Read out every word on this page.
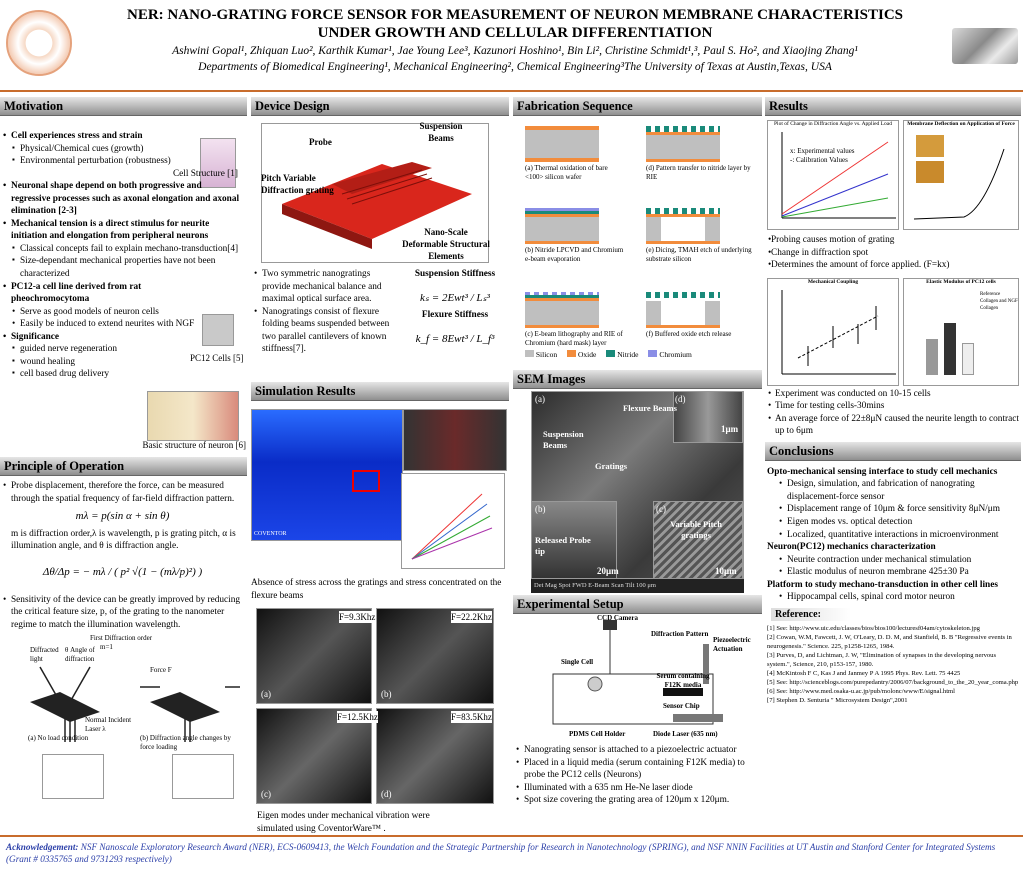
NER: NANO-GRATING FORCE SENSOR FOR MEASUREMENT OF NEURON MEMBRANE CHARACTERISTICS
UNDER GROWTH AND CELLULAR DIFFERENTIATION
Ashwini Gopal¹, Zhiquan Luo², Karthik Kumar¹, Jae Young Lee³, Kazunori Hoshino¹, Bin Li², Christine Schmidt¹,³, Paul S. Ho², and Xiaojing Zhang¹
Departments of Biomedical Engineering¹, Mechanical Engineering², Chemical Engineering³The University of Texas at Austin,Texas, USA
Motivation
• Cell experiences stress and strain
▪ Physical/Chemical cues (growth)
▪ Environmental perturbation (robustness)
Cell Structure [1]
• Neuronal shape depend on both progressive and regressive processes such as axonal elongation and axonal elimination [2-3]
• Mechanical tension is a direct stimulus for neurite initiation and elongation from peripheral neurons
▪ Classical concepts fail to explain mechano-transduction[4]
▪ Size-dependant mechanical properties have not been characterized
• PC12-a cell line derived from rat pheochromocytoma
• Serve as good models of neuron cells
• Easily be induced to extend neurites with NGF
• Significance
▪ guided nerve regeneration
▪ wound healing
▪ cell based drug delivery
PC12 Cells [5]
Basic structure of neuron [6]
Principle of Operation
• Probe displacement, therefore the force, can be measured through the spatial frequency of far-field diffraction pattern.
mλ = p(sin α + sin θ)
m is diffraction order,λ is wavelength, p is grating pitch, α is illumination angle, and θ is diffraction angle.
Δθ/Δp = − mλ / ( p² √(1 − (mλ/p)²) )
• Sensitivity of the device can be greatly improved by reducing the critical feature size, p, of the grating to the nanometer regime to match the illumination wavelength.
First Diffraction order
m=1
Diffracted light
θ Angle of diffraction
Force F
Normal Incident Laser λ
(a) No load condition	(b) Diffraction angle changes by force loading
Device Design
Probe
Suspension Beams
Pitch Variable Diffraction grating
Nano-Scale Deformable Structural Elements
• Two symmetric nanogratings provide mechanical balance and maximal optical surface area.
• Nanogratings consist of flexure folding beams suspended between two parallel cantilevers of known stiffness[7].
Suspension Stiffness
kₛ = 2Ewt³ / Lₛ³
Flexure Stiffness
k_f = 8Ewt³ / L_f³
Simulation Results
COVENTOR
Absence of stress across the gratings and stress concentrated on the flexure beams
F=9.3Khz	F=22.2Khz
F=12.5Khz	F=83.5Khz
(a)	(b)
(c)	(d)
Eigen modes under mechanical vibration were simulated using CoventorWare™ .
Fabrication Sequence
(a) Thermal oxidation of bare <100> silicon wafer
(b) Nitride LPCVD and Chromium e-beam evaporation
(c) E-beam lithography and RIE of Chromium (hard mask) layer
(d) Pattern transfer to nitride layer by RIE
(e) Dicing, TMAH etch of underlying substrate silicon
(f) Buffered oxide etch release
Silicon	Oxide	Nitride	Chromium
SEM Images
(a)	(d)
(b)	(c)
Flexure Beams
Suspension Beams
Gratings
Released Probe tip
Variable Pitch gratings
1μm
20μm	10μm
Det Mag Spot FWD E-Beam Scan Tilt 100 μm
Experimental Setup
CCD Camera
Diffraction Pattern
Piezoelectric Actuation
Single Cell
Serum containing F12K media
Sensor Chip
PDMS Cell Holder	Diode Laser (635 nm)
• Nanograting sensor is attached to a piezoelectric actuator
• Placed in a liquid media (serum containing F12K media) to probe the PC12 cells (Neurons)
• Illuminated with a 635 nm He-Ne laser diode
• Spot size covering the grating area of 120μm x 120μm.
Results
Plot of Change in Diffraction Angle vs. Applied Load
x: Experimental values
-: Calibration Values
Membrane Deflection on Application of Force
• Probing causes motion of grating
• Change in diffraction spot
• Determines the amount of force applied. (F=kx)
Mechanical Coupling	Elastic Modulus of PC12 cells
Reference
Collagen and NGF
Collagen
• Experiment was conducted on 10-15 cells
• Time for testing cells-30mins
• An average force of 22±8μN caused the neurite length to contract up to 6μm
Conclusions
Opto-mechanical sensing interface to study cell mechanics
• Design, simulation, and fabrication of nanograting displacement-force sensor
• Displacement range of 10μm & force sensitivity 8μN/μm
• Eigen modes vs. optical detection
• Localized, quantitative interactions in microenvironment
Neuron(PC12) mechanics characterization
• Neurite contraction under mechanical stimulation
• Elastic modulus of neuron membrane 425±30 Pa
Platform to study mechano-transduction in other cell lines
• Hippocampal cells, spinal cord motor neuron
Reference:
[1] See: http://www.uic.edu/classes/bios/bios100/lecturesf04am/cytoskeleton.jpg
[2] Cowan, W.M, Fawcett, J. W, O'Leary, D. D. M, and Stanfield, B. B "Regressive events in neurogenesis." Science. 225, p1258-1265, 1984.
[3] Purves, D, and Lichtman, J. W, "Elimination of synapses in the developing nervous system.", Science, 210, p153-157, 1980.
[4] McKintosh F C, Kas J and Janmey P A 1995 Phys. Rev. Lett. 75 4425
[5] See: http://scienceblogs.com/purepedantry/2006/07/background_to_the_20_year_coma.php
[6] See: http://www.med.osaka-u.ac.jp/pub/molonc/www/E/signal.html
[7] Stephen D. Senturia " Microsystem Design",2001
Acknowledgement: NSF Nanoscale Exploratory Research Award (NER), ECS-0609413, the Welch Foundation and the Strategic Partnership for Research in Nanotechnology (SPRING), and NSF NNIN Facilities at UT Austin and Stanford Center for Integrated Systems (Grant # 0335765 and 9731293 respectively)
